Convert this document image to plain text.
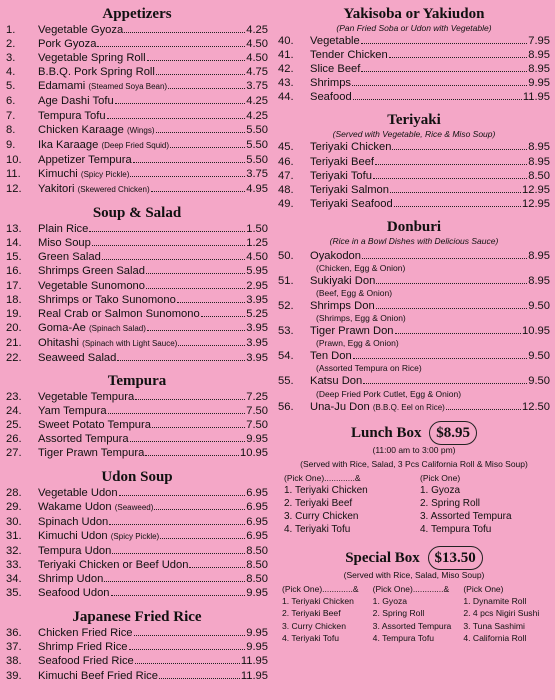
Appetizers
1.	Vegetable Gyoza	4.25
2.	Pork Gyoza	4.50
3.	Vegetable Spring Roll	4.50
4.	B.B.Q. Pork Spring Roll	4.75
5.	Edamami (Steamed Soya Bean)	3.75
6.	Age Dashi Tofu	4.25
7.	Tempura Tofu	4.25
8.	Chicken Karaage (Wings)	5.50
9.	Ika Karaage (Deep Fried Squid)	5.50
10.	Appetizer Tempura	5.50
11.	Kimuchi (Spicy Pickle)	3.75
12.	Yakitori (Skewered Chicken)	4.95
Soup & Salad
13.	Plain Rice	1.50
14.	Miso Soup	1.25
15.	Green Salad	4.50
16.	Shrimps Green Salad	5.95
17.	Vegetable Sunomono	2.95
18.	Shrimps or Tako Sunomono	3.95
19.	Real Crab or Salmon Sunomono	5.25
20.	Goma-Ae (Spinach Salad)	3.95
21.	Ohitashi (Spinach with Light Sauce)	3.95
22.	Seaweed Salad	3.95
Tempura
23.	Vegetable Tempura	7.25
24.	Yam Tempura	7.50
25.	Sweet Potato Tempura	7.50
26.	Assorted Tempura	9.95
27.	Tiger Prawn Tempura	10.95
Udon Soup
28.	Vegetable Udon	6.95
29.	Wakame Udon (Seaweed)	6.95
30.	Spinach Udon	6.95
31.	Kimuchi Udon (Spicy Pickle)	6.95
32.	Tempura Udon	8.50
33.	Teriyaki Chicken or Beef Udon	8.50
34.	Shrimp Udon	8.50
35.	Seafood Udon	9.95
Japanese Fried Rice
36.	Chicken Fried Rice	9.95
37.	Shrimp Fried Rice	9.95
38.	Seafood Fried Rice	11.95
39.	Kimuchi Beef Fried Rice	11.95
Yakisoba or Yakiudon
(Pan Fried Soba or Udon with Vegetable)
40.	Vegetable	7.95
41.	Tender Chicken	8.95
42.	Slice Beef	8.95
43.	Shrimps	9.95
44.	Seafood	11.95
Teriyaki
(Served with Vegetable, Rice & Miso Soup)
45.	Teriyaki Chicken	8.95
46.	Teriyaki Beef	8.95
47.	Teriyaki Tofu	8.50
48.	Teriyaki Salmon	12.95
49.	Teriyaki Seafood	12.95
Donburi
(Rice in a Bowl Dishes with Delicious Sauce)
50.	Oyakodon	8.95
(Chicken, Egg & Onion)
51.	Sukiyaki Don	8.95
(Beef, Egg & Onion)
52.	Shrimps Don	9.50
(Shrimps, Egg & Onion)
53.	Tiger Prawn Don	10.95
(Prawn, Egg & Onion)
54.	Ten Don	9.50
(Assorted Tempura on Rice)
55.	Katsu Don	9.50
(Deep Fried Pork Cutlet, Egg & Onion)
56.	Una-Ju Don (B.B.Q. Eel on Rice)	12.50
Lunch Box $8.95
(11:00 am to 3:00 pm)
(Served with Rice, Salad, 3 Pcs California Roll & Miso Soup)
(Pick One).............&	(Pick One)
1. Teriyaki Chicken
2. Teriyaki Beef
3. Curry Chicken
4. Teriyaki Tofu
1. Gyoza
2. Spring Roll
3. Assorted Tempura
4. Tempura Tofu
Special Box $13.50
(Served with Rice, Salad, Miso Soup)
(Pick One).............&	(Pick One).............&	(Pick One)
1. Teriyaki Chicken
2. Teriyaki Beef
3. Curry Chicken
4. Teriyaki Tofu
1. Gyoza
2. Spring Roll
3. Assorted Tempura
4. Tempura Tofu
1. Dynamite Roll
2. 4 pcs Nigiri Sushi
3. Tuna Sashimi
4. California Roll
